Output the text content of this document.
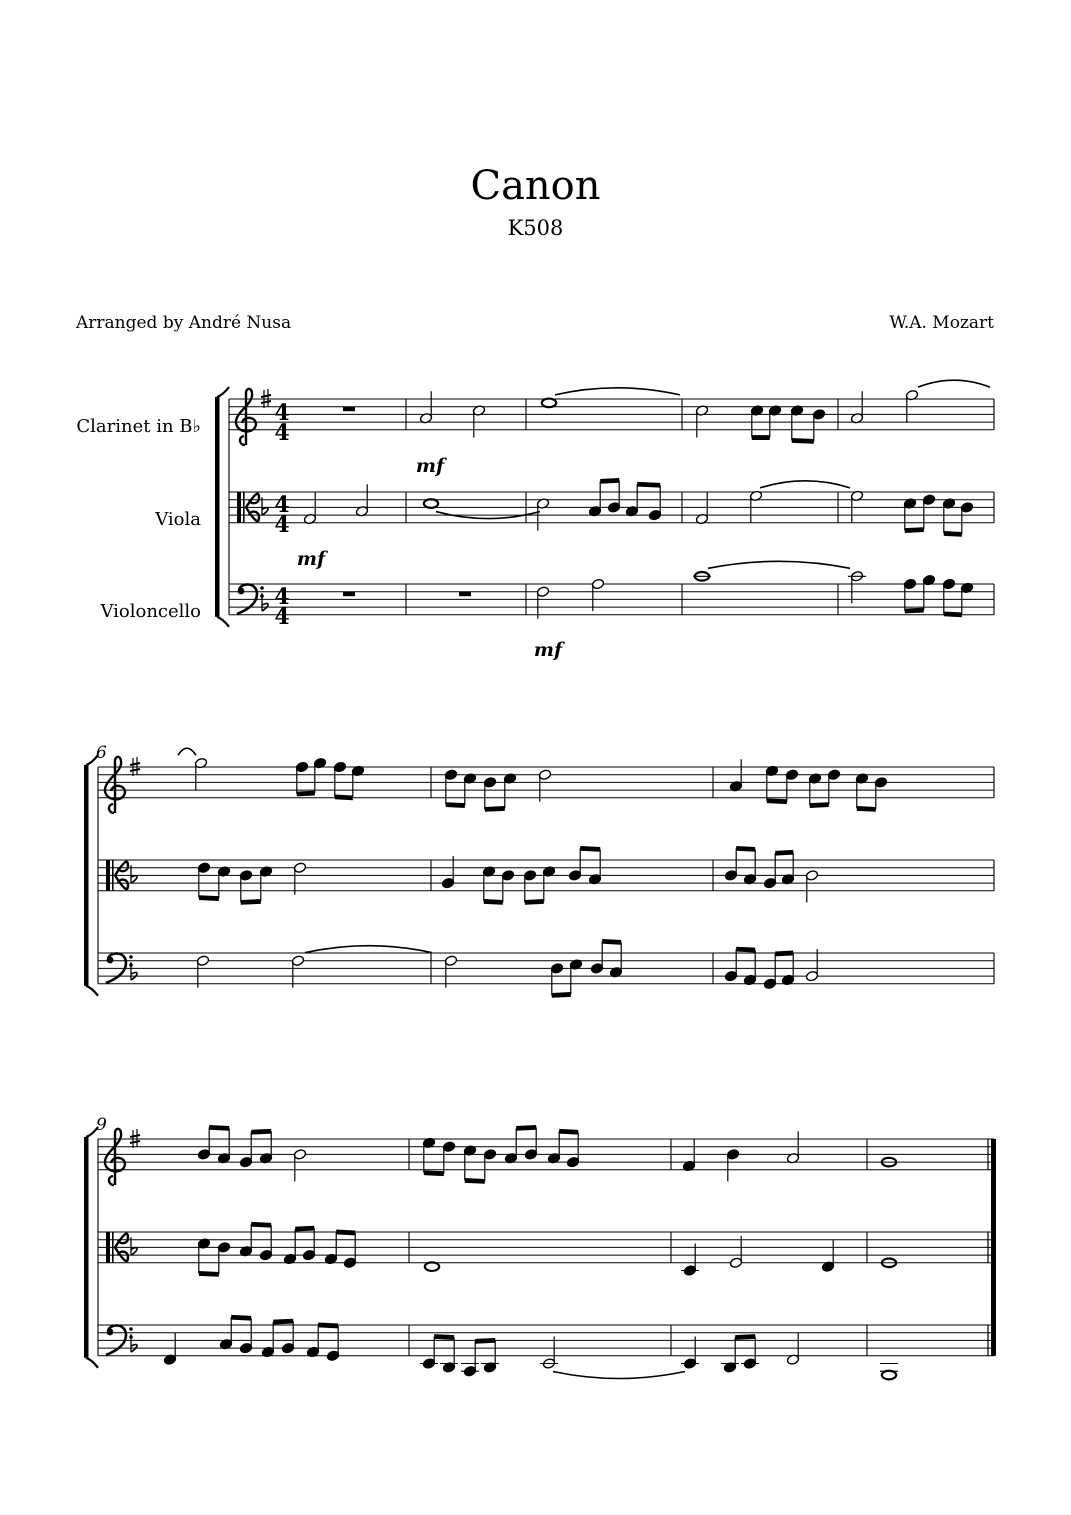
Canon
K508
Arranged by André Nusa	W.A. Mozart
Clarinet in B♭
Viola
Violoncello
6
9
4
4
4
4
4
4
mf
mf
mf
